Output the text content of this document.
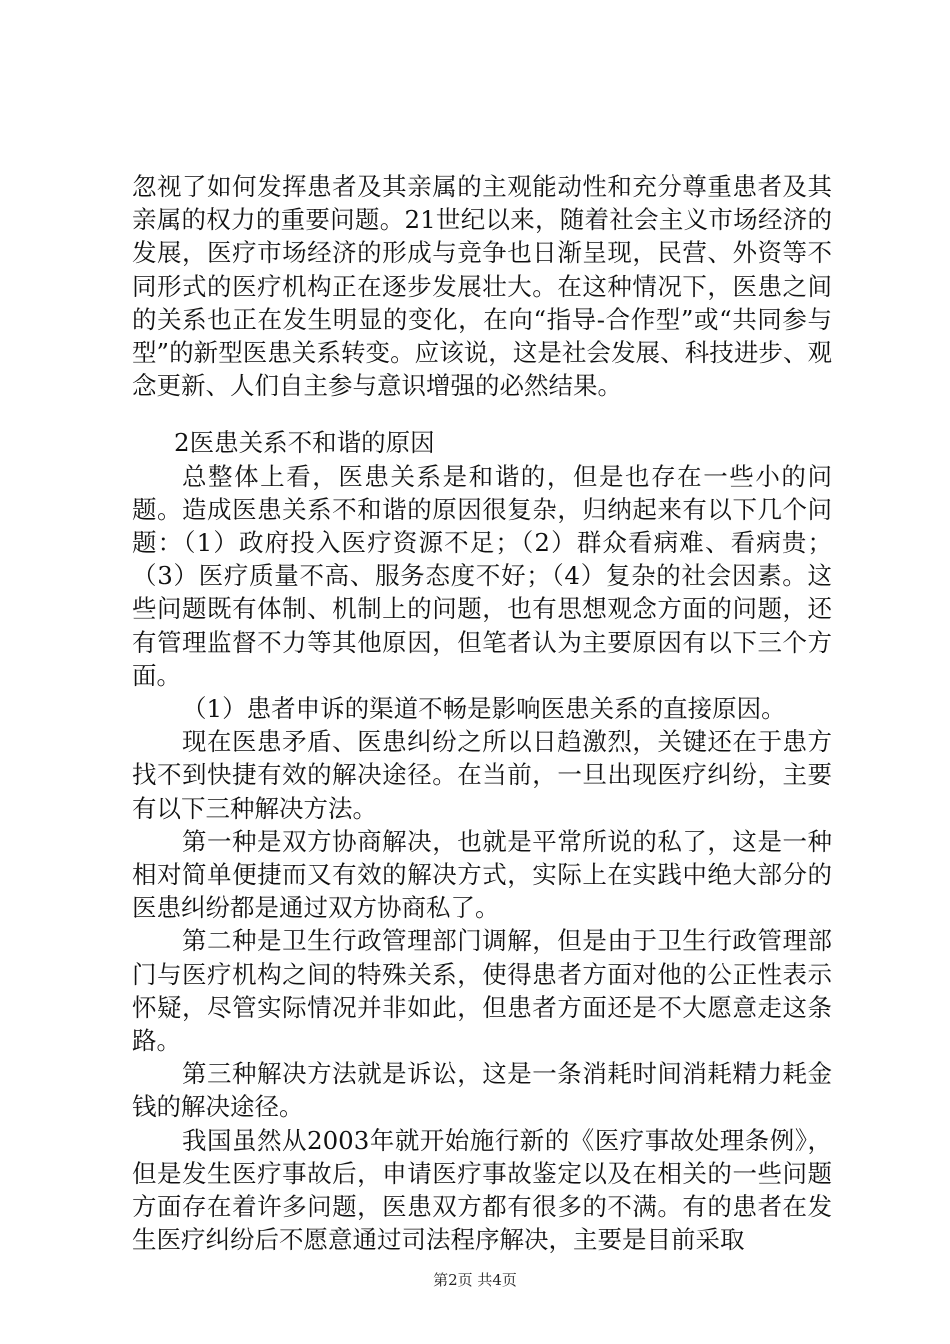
忽视了如何发挥患者及其亲属的主观能动性和充分尊重患者及其亲属的权力的重要问题。21世纪以来，随着社会主义市场经济的发展，医疗市场经济的形成与竞争也日渐呈现，民营、外资等不同形式的医疗机构正在逐步发展壮大。在这种情况下，医患之间的关系也正在发生明显的变化，在向“指导-合作型”或“共同参与型”的新型医患关系转变。应该说，这是社会发展、科技进步、观念更新、人们自主参与意识增强的必然结果。

2医患关系不和谐的原因

总整体上看，医患关系是和谐的，但是也存在一些小的问题。造成医患关系不和谐的原因很复杂，归纳起来有以下几个问题：（1）政府投入医疗资源不足；（2）群众看病难、看病贵；（3）医疗质量不高、服务态度不好；（4）复杂的社会因素。这些问题既有体制、机制上的问题，也有思想观念方面的问题，还有管理监督不力等其他原因，但笔者认为主要原因有以下三个方面。

（1）患者申诉的渠道不畅是影响医患关系的直接原因。

现在医患矛盾、医患纠纷之所以日趋激烈，关键还在于患方找不到快捷有效的解决途径。在当前，一旦出现医疗纠纷，主要有以下三种解决方法。

第一种是双方协商解决，也就是平常所说的私了，这是一种相对简单便捷而又有效的解决方式，实际上在实践中绝大部分的医患纠纷都是通过双方协商私了。

第二种是卫生行政管理部门调解，但是由于卫生行政管理部门与医疗机构之间的特殊关系，使得患者方面对他的公正性表示怀疑，尽管实际情况并非如此，但患者方面还是不大愿意走这条路。

第三种解决方法就是诉讼，这是一条消耗时间消耗精力耗金钱的解决途径。

我国虽然从2003年就开始施行新的《医疗事故处理条例》，但是发生医疗事故后，申请医疗事故鉴定以及在相关的一些问题方面存在着许多问题，医患双方都有很多的不满。有的患者在发生医疗纠纷后不愿意通过司法程序解决，主要是目前采取

第2页 共4页
